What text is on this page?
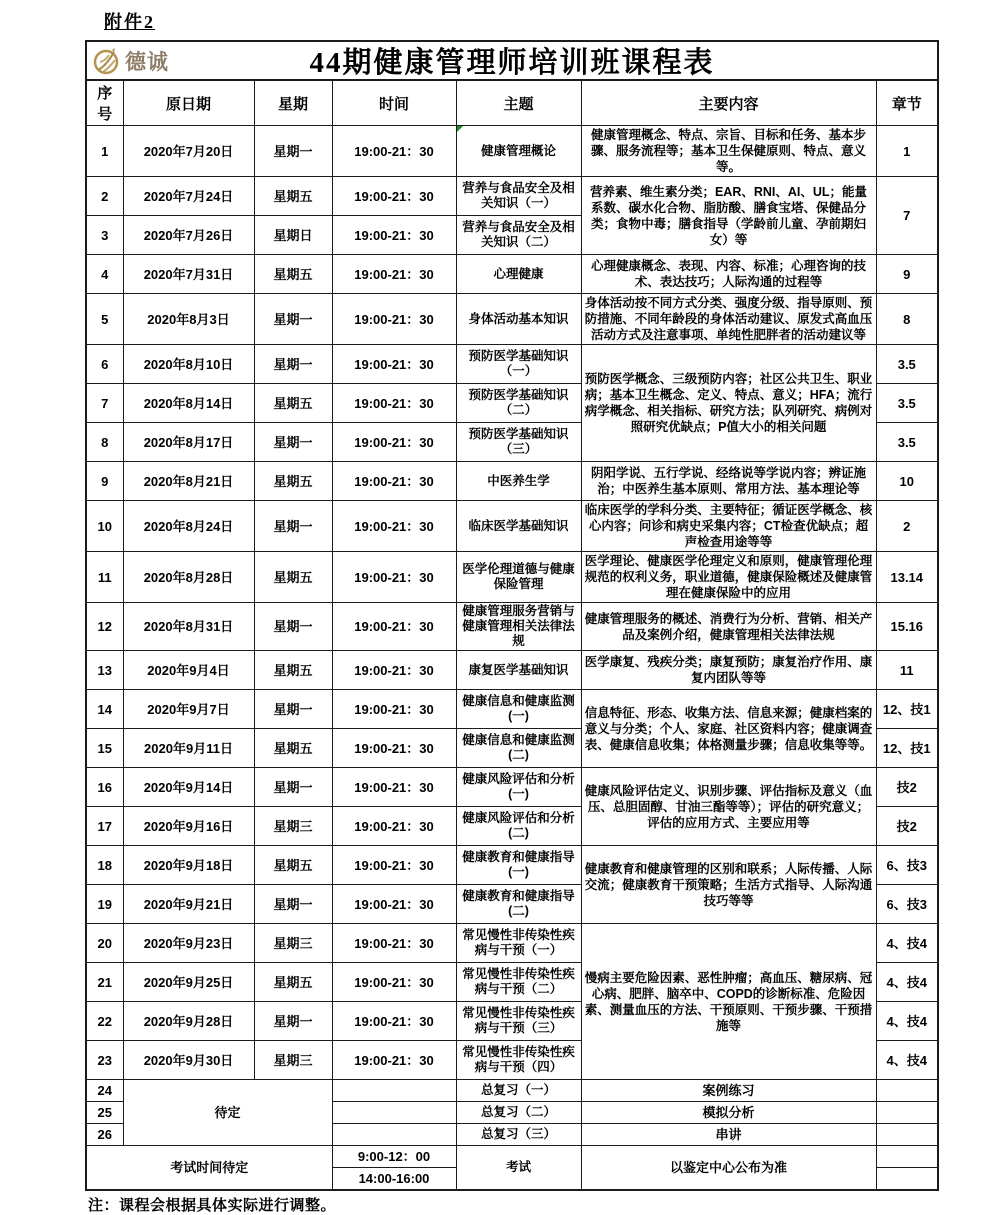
附件2
德诚 44期健康管理师培训班课程表						

序号	原日期	星期	时间	主题	主要内容	章节
1	2020年7月20日	星期一	19:00-21：30	健康管理概论	健康管理概念、特点、宗旨、目标和任务、基本步骤、服务流程等；基本卫生保健原则、特点、意义等。	1
2	2020年7月24日	星期五	19:00-21：30	营养与食品安全及相关知识（一）	营养素、维生素分类；EAR、RNI、AI、UL；能量系数、碳水化合物、脂肪酸、膳食宝塔、保健品分类；食物中毒；膳食指导（学龄前儿童、孕前期妇女）等	7
3	2020年7月26日	星期日	19:00-21：30	营养与食品安全及相关知识（二）		
4	2020年7月31日	星期五	19:00-21：30	心理健康	心理健康概念、表现、内容、标准；心理咨询的技术、表达技巧；人际沟通的过程等	9
5	2020年8月3日	星期一	19:00-21：30	身体活动基本知识	身体活动按不同方式分类、强度分级、指导原则、预防措施、不同年龄段的身体活动建议、原发式高血压活动方式及注意事项、单纯性肥胖者的活动建议等	8
6	2020年8月10日	星期一	19:00-21：30	预防医学基础知识（一）	预防医学概念、三级预防内容；社区公共卫生、职业病；基本卫生概念、定义、特点、意义；HFA；流行病学概念、相关指标、研究方法；队列研究、病例对照研究优缺点；P值大小的相关问题	3.5
7	2020年8月14日	星期五	19:00-21：30	预防医学基础知识（二）		3.5
8	2020年8月17日	星期一	19:00-21：30	预防医学基础知识（三）		3.5
9	2020年8月21日	星期五	19:00-21：30	中医养生学	阴阳学说、五行学说、经络说等学说内容；辨证施治；中医养生基本原则、常用方法、基本理论等	10
10	2020年8月24日	星期一	19:00-21：30	临床医学基础知识	临床医学的学科分类、主要特征；循证医学概念、核心内容；问诊和病史采集内容；CT检查优缺点；超声检查用途等等	2
11	2020年8月28日	星期五	19:00-21：30	医学伦理道德与健康保险管理	医学理论、健康医学伦理定义和原则，健康管理伦理规范的权利义务，职业道德，健康保险概述及健康管理在健康保险中的应用	13.14
12	2020年8月31日	星期一	19:00-21：30	健康管理服务营销与健康管理相关法律法规	健康管理服务的概述、消费行为分析、营销、相关产品及案例介绍，健康管理相关法律法规	15.16
13	2020年9月4日	星期五	19:00-21：30	康复医学基础知识	医学康复、残疾分类；康复预防；康复治疗作用、康复内团队等等	11
14	2020年9月7日	星期一	19:00-21：30	健康信息和健康监测(一)	信息特征、形态、收集方法、信息来源；健康档案的意义与分类；个人、家庭、社区资料内容；健康调查表、健康信息收集；体格测量步骤；信息收集等等。	12、技1
15	2020年9月11日	星期五	19:00-21：30	健康信息和健康监测(二)		12、技1
16	2020年9月14日	星期一	19:00-21：30	健康风险评估和分析(一)	健康风险评估定义、识别步骤、评估指标及意义（血压、总胆固醇、甘油三酯等等）；评估的研究意义；评估的应用方式、主要应用等	技2
17	2020年9月16日	星期三	19:00-21：30	健康风险评估和分析(二)		技2
18	2020年9月18日	星期五	19:00-21：30	健康教育和健康指导(一)	健康教育和健康管理的区别和联系；人际传播、人际交流；健康教育干预策略；生活方式指导、人际沟通技巧等等	6、技3
19	2020年9月21日	星期一	19:00-21：30	健康教育和健康指导(二)		6、技3
20	2020年9月23日	星期三	19:00-21：30	常见慢性非传染性疾病与干预（一）	慢病主要危险因素、恶性肿瘤；高血压、糖尿病、冠心病、肥胖、脑卒中、COPD的诊断标准、危险因素、测量血压的方法、干预原则、干预步骤、干预措施等	4、技4
21	2020年9月25日	星期五	19:00-21：30	常见慢性非传染性疾病与干预（二）		4、技4
22	2020年9月28日	星期一	19:00-21：30	常见慢性非传染性疾病与干预（三）		4、技4
23	2020年9月30日	星期三	19:00-21：30	常见慢性非传染性疾病与干预（四）		4、技4
24	待定			总复习（一）	案例练习	
25				总复习（二）	模拟分析	
26				总复习（三）	串讲	
考试时间待定			9:00-12：00	考试	以鉴定中心公布为准	
			14:00-16:00			
注：课程会根据具体实际进行调整。
